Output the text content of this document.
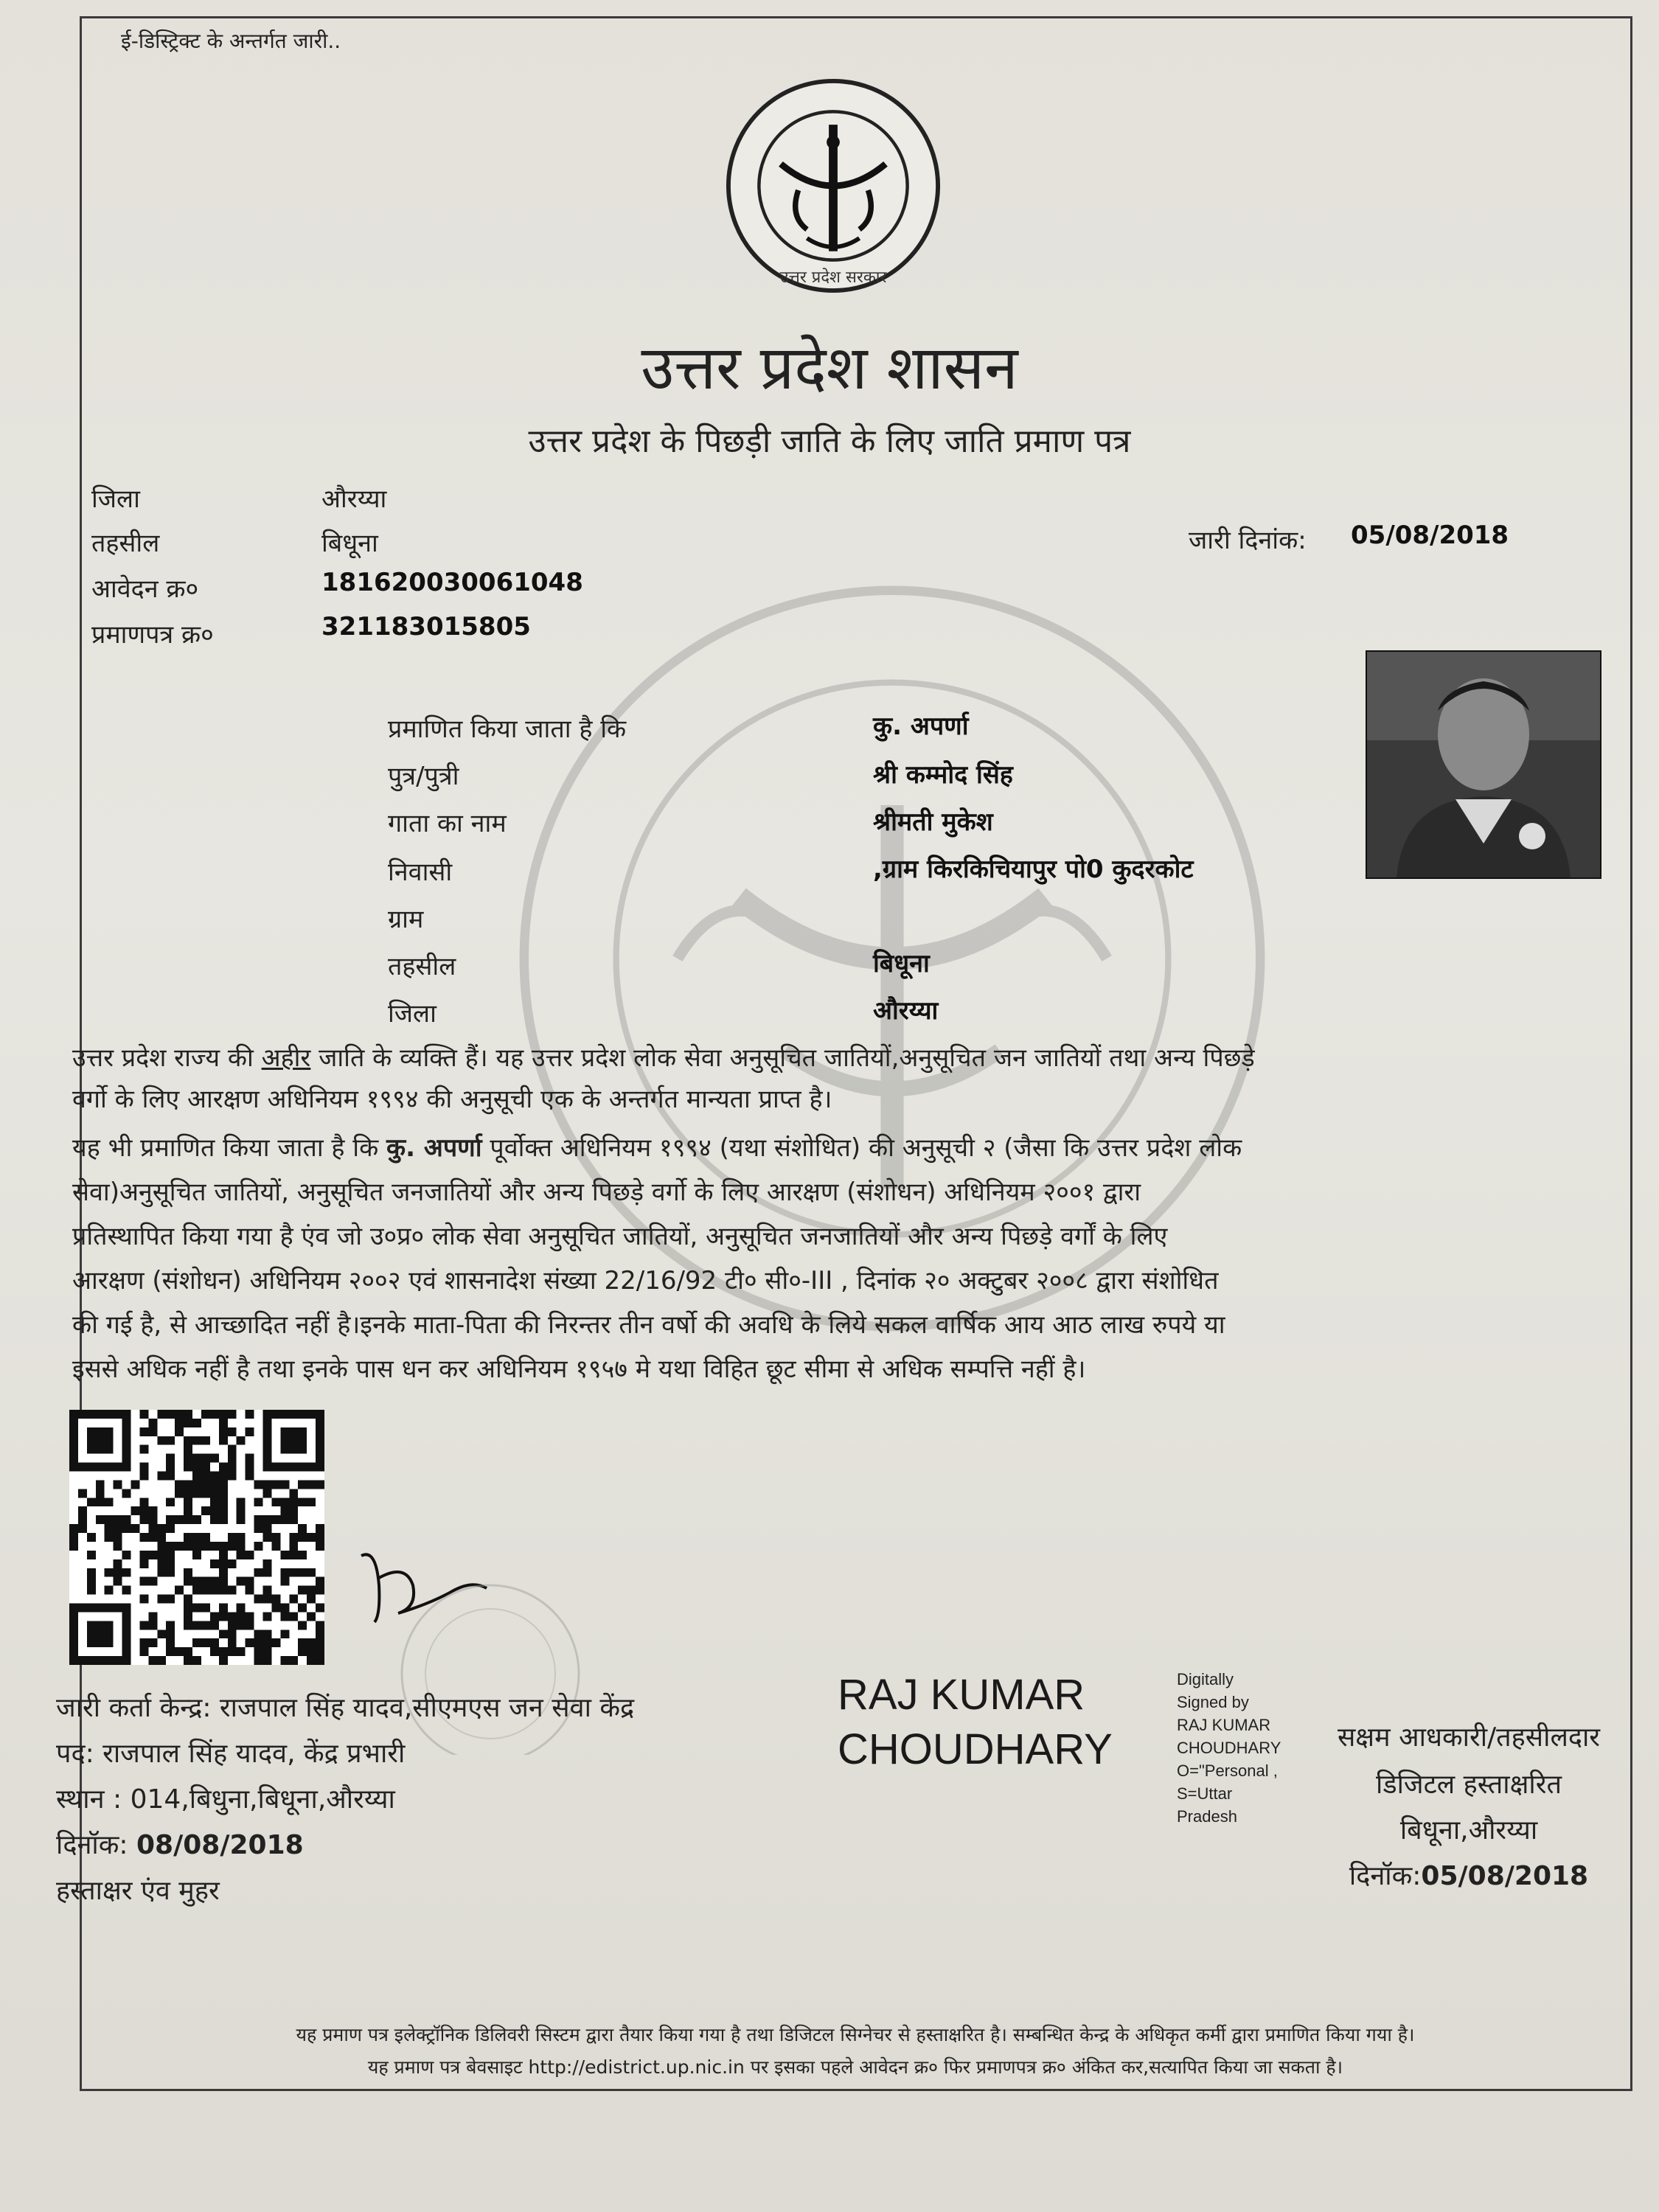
ई-डिस्ट्रिक्ट के अन्तर्गत जारी..
उत्तर प्रदेश सरकार
उत्तर प्रदेश शासन
उत्तर प्रदेश के पिछड़ी जाति के लिए जाति प्रमाण पत्र
जिला	औरय्या
तहसील	बिधूना
आवेदन क्र०	181620030061048
प्रमाणपत्र क्र०	321183015805
जारी दिनांक: 05/08/2018
प्रमाणित किया जाता है कि	कु. अपर्णा
पुत्र/पुत्री	श्री कम्मोद सिंह
गाता का नाम	श्रीमती मुकेश
निवासी	,ग्राम किरकिचियापुर पो0 कुदरकोट
ग्राम
तहसील	बिधूना
जिला	औरय्या
उत्तर प्रदेश राज्य की अहीर जाति के व्यक्ति हैं। यह उत्तर प्रदेश लोक सेवा अनुसूचित जातियों,अनुसूचित जन जातियों तथा अन्य पिछड़े
वर्गो के लिए आरक्षण अधिनियम १९९४ की अनुसूची एक के अन्तर्गत मान्यता प्राप्त है।
यह भी प्रमाणित किया जाता है कि कु. अपर्णा पूर्वोक्त अधिनियम १९९४ (यथा संशोधित) की अनुसूची २ (जैसा कि उत्तर प्रदेश लोक
सेवा)अनुसूचित जातियों, अनुसूचित जनजातियों और अन्य पिछड़े वर्गो के लिए आरक्षण (संशोधन) अधिनियम २००१ द्वारा
प्रतिस्थापित किया गया है एंव जो उ०प्र० लोक सेवा अनुसूचित जातियों, अनुसूचित जनजातियों और अन्य पिछड़े वर्गों के लिए
आरक्षण (संशोधन) अधिनियम २००२ एवं शासनादेश संख्या 22/16/92 टी० सी०-III , दिनांक २० अक्टुबर २००८ द्वारा संशोधित
की गई है, से आच्छादित नहीं है।इनके माता-पिता की निरन्तर तीन वर्षो की अवधि के लिये सकल वार्षिक आय आठ लाख रुपये या
इससे अधिक नहीं है तथा इनके पास धन कर अधिनियम १९५७ मे यथा विहित छूट सीमा से अधिक सम्पत्ति नहीं है।
जारी कर्ता केन्द्र: राजपाल सिंह यादव,सीएमएस जन सेवा केंद्र
पद: राजपाल सिंह यादव, केंद्र प्रभारी
स्थान : 014,बिधुना,बिधूना,औरय्या
दिनॉक: 08/08/2018
हस्ताक्षर एंव मुहर
RAJ KUMAR
CHOUDHARY
Digitally
Signed by
RAJ KUMAR
CHOUDHARY
O="Personal ,
S=Uttar
Pradesh
सक्षम आधकारी/तहसीलदार
डिजिटल हस्ताक्षरित
बिधूना,औरय्या
दिनॉक:05/08/2018
यह प्रमाण पत्र इलेक्ट्रॉनिक डिलिवरी सिस्टम द्वारा तैयार किया गया है तथा डिजिटल सिग्नेचर से हस्ताक्षरित है। सम्बन्धित केन्द्र के अधिकृत कर्मी द्वारा प्रमाणित किया गया है।
यह प्रमाण पत्र बेवसाइट http://edistrict.up.nic.in पर इसका पहले आवेदन क्र० फिर प्रमाणपत्र क्र० अंकित कर,सत्यापित किया जा सकता है।
